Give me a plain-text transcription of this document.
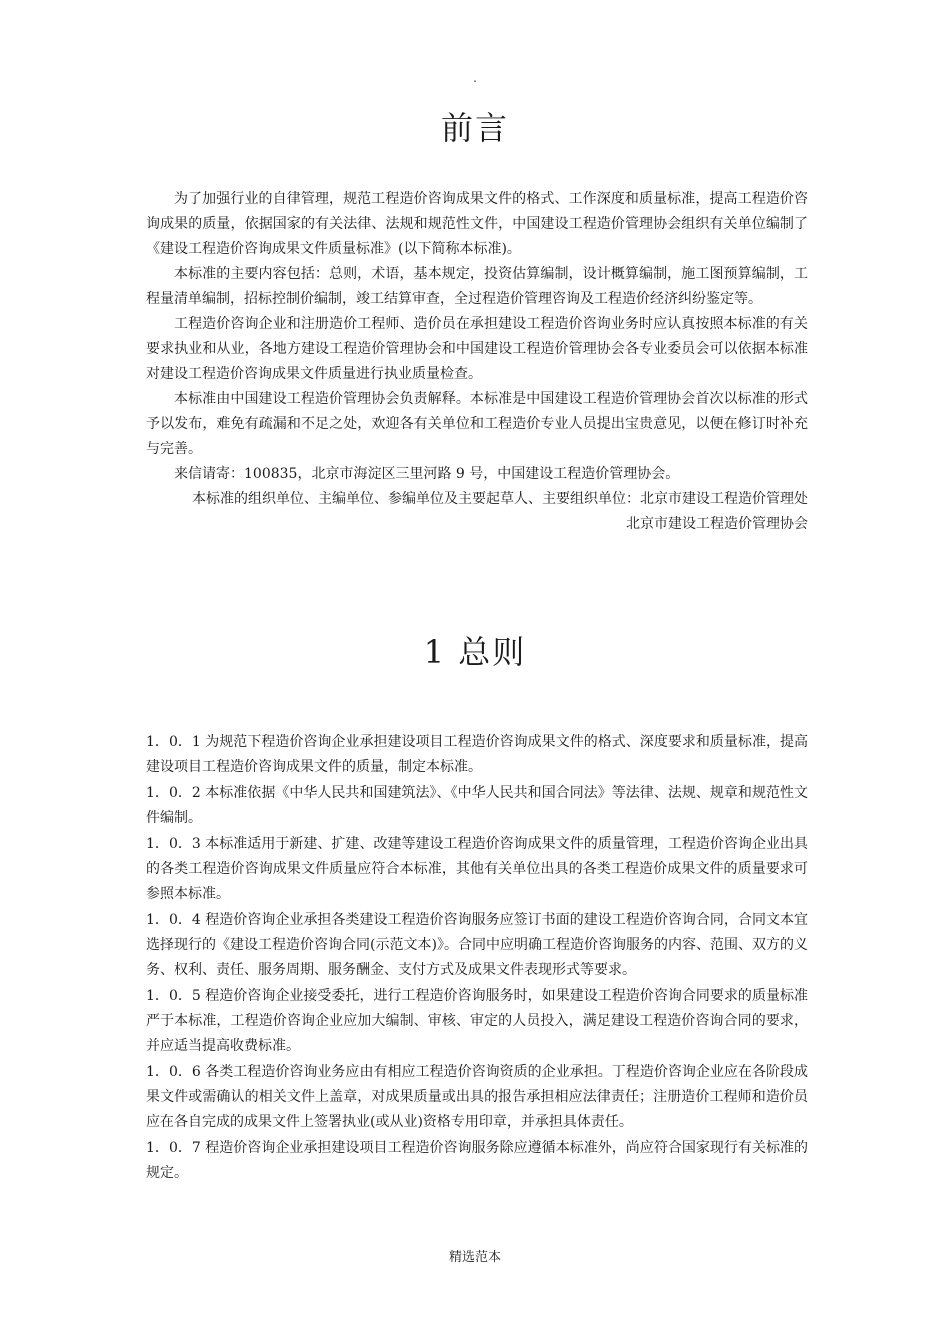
.
前言

为了加强行业的自律管理，规范工程造价咨询成果文件的格式、工作深度和质量标准，提高工程造价咨询成果的质量，依据国家的有关法律、法规和规范性文件，中国建设工程造价管理协会组织有关单位编制了《建设工程造价咨询成果文件质量标准》(以下简称本标准)。

本标准的主要内容包括：总则，术语，基本规定，投资估算编制，设计概算编制，施工图预算编制，工程量清单编制，招标控制价编制，竣工结算审查，全过程造价管理咨询及工程造价经济纠纷鉴定等。

工程造价咨询企业和注册造价工程师、造价员在承担建设工程造价咨询业务时应认真按照本标准的有关要求执业和从业，各地方建设工程造价管理协会和中国建设工程造价管理协会各专业委员会可以依据本标准对建设工程造价咨询成果文件质量进行执业质量检查。

本标准由中国建设工程造价管理协会负责解释。本标准是中国建设工程造价管理协会首次以标准的形式予以发布，难免有疏漏和不足之处，欢迎各有关单位和工程造价专业人员提出宝贵意见，以便在修订时补充与完善。

来信请寄：100835，北京市海淀区三里河路 9 号，中国建设工程造价管理协会。

本标准的组织单位、主编单位、参编单位及主要起草人、主要组织单位：北京市建设工程造价管理处

北京市建设工程造价管理协会

1 总则

1．0．1 为规范下程造价咨询企业承担建设项目工程造价咨询成果文件的格式、深度要求和质量标准，提高建设项目工程造价咨询成果文件的质量，制定本标准。

1．0．2 本标准依据《中华人民共和国建筑法》、《中华人民共和国合同法》等法律、法规、规章和规范性文件编制。

1．0．3 本标准适用于新建、扩建、改建等建设工程造价咨询成果文件的质量管理，工程造价咨询企业出具的各类工程造价咨询成果文件质量应符合本标准，其他有关单位出具的各类工程造价成果文件的质量要求可参照本标准。

1．0．4 程造价咨询企业承担各类建设工程造价咨询服务应签订书面的建设工程造价咨询合同，合同文本宜选择现行的《建设工程造价咨询合同(示范文本)》。合同中应明确工程造价咨询服务的内容、范围、双方的义务、权利、责任、服务周期、服务酬金、支付方式及成果文件表现形式等要求。

1．0．5 程造价咨询企业接受委托，进行工程造价咨询服务时，如果建设工程造价咨询合同要求的质量标准严于本标准，工程造价咨询企业应加大编制、审核、审定的人员投入，满足建设工程造价咨询合同的要求，并应适当提高收费标准。

1．0．6 各类工程造价咨询业务应由有相应工程造价咨询资质的企业承担。丁程造价咨询企业应在各阶段成果文件或需确认的相关文件上盖章，对成果质量或出具的报告承担相应法律责任；注册造价工程师和造价员应在各自完成的成果文件上签署执业(或从业)资格专用印章，并承担具体责任。

1．0．7 程造价咨询企业承担建设项目工程造价咨询服务除应遵循本标准外，尚应符合国家现行有关标准的规定。

精选范本
